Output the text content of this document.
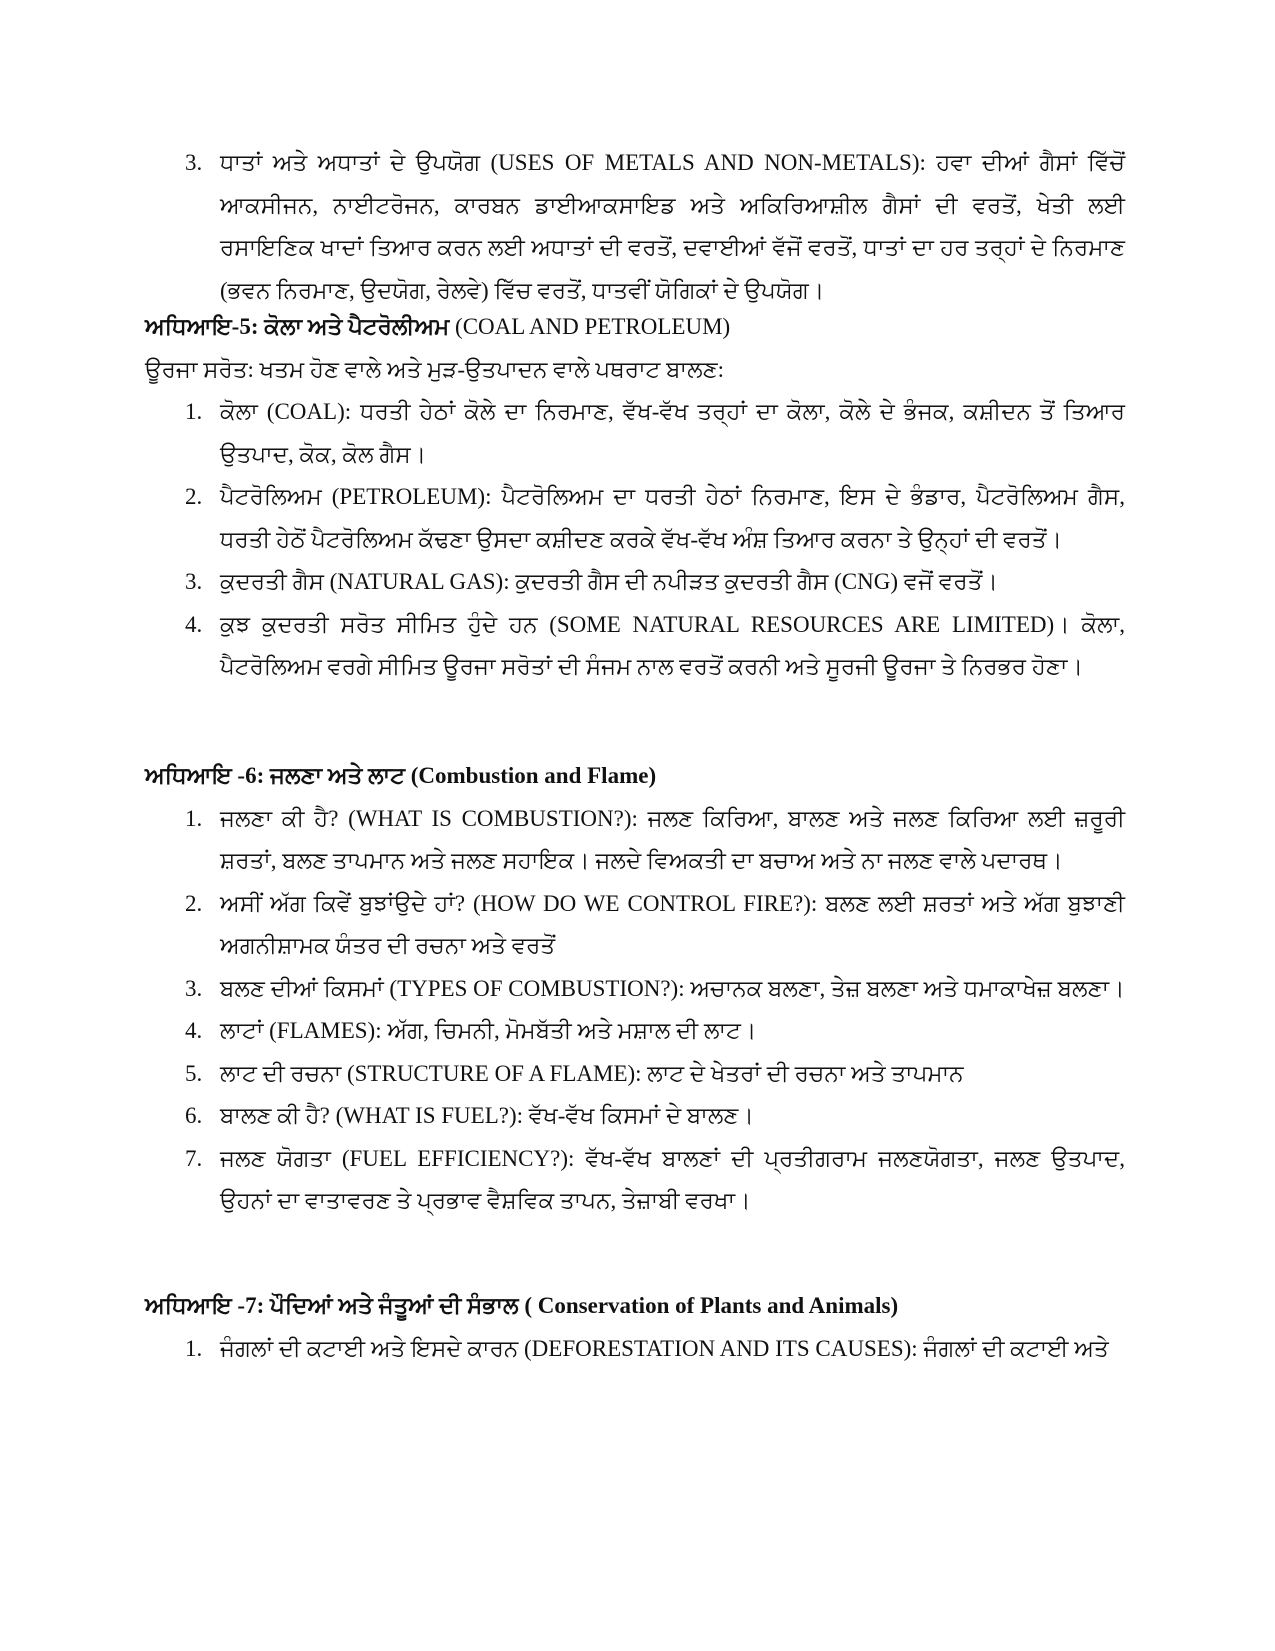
3. ਧਾਤਾਂ ਅਤੇ ਅਧਾਤਾਂ ਦੇ ਉਪਯੋਗ (USES OF METALS AND NON-METALS): ਹਵਾ ਦੀਆਂ ਗੈਸਾਂ ਵਿੱਚੋਂ ਆਕਸੀਜਨ, ਨਾਈਟਰੋਜਨ, ਕਾਰਬਨ ਡਾਈਆਕਸਾਇਡ ਅਤੇ ਅਕਿਰਿਆਸ਼ੀਲ ਗੈਸਾਂ ਦੀ ਵਰਤੋਂ, ਖੇਤੀ ਲਈ ਰਸਾਇਣਿਕ ਖਾਦਾਂ ਤਿਆਰ ਕਰਨ ਲਈ ਅਧਾਤਾਂ ਦੀ ਵਰਤੋਂ, ਦਵਾਈਆਂ ਵੱਜੋਂ ਵਰਤੋਂ, ਧਾਤਾਂ ਦਾ ਹਰ ਤਰ੍ਹਾਂ ਦੇ ਨਿਰਮਾਣ (ਭਵਨ ਨਿਰਮਾਣ, ਉਦਯੋਗ, ਰੇਲਵੇ) ਵਿੱਚ ਵਰਤੋਂ, ਧਾਤਵੀਂ ਯੋਗਿਕਾਂ ਦੇ ਉਪਯੋਗ।
ਅਧਿਆਇ-5: ਕੋਲਾ ਅਤੇ ਪੈਟਰੋਲੀਅਮ (COAL AND PETROLEUM)
ਊਰਜਾ ਸਰੋਤ: ਖਤਮ ਹੋਣ ਵਾਲੇ ਅਤੇ ਮੁੜ-ਉਤਪਾਦਨ ਵਾਲੇ ਪਥਰਾਟ ਬਾਲਣ:
1. ਕੋਲਾ (COAL): ਧਰਤੀ ਹੇਠਾਂ ਕੋਲੇ ਦਾ ਨਿਰਮਾਣ, ਵੱਖ-ਵੱਖ ਤਰ੍ਹਾਂ ਦਾ ਕੋਲਾ, ਕੋਲੇ ਦੇ ਭੰਜਕ, ਕਸ਼ੀਦਨ ਤੋਂ ਤਿਆਰ ਉਤਪਾਦ, ਕੋਕ, ਕੋਲ ਗੈਸ।
2. ਪੈਟਰੋਲਿਅਮ (PETROLEUM): ਪੈਟਰੋਲਿਅਮ ਦਾ ਧਰਤੀ ਹੇਠਾਂ ਨਿਰਮਾਣ, ਇਸ ਦੇ ਭੰਡਾਰ, ਪੈਟਰੋਲਿਅਮ ਗੈਸ, ਧਰਤੀ ਹੇਠੋਂ ਪੈਟਰੋਲਿਅਮ ਕੱਢਣਾ ਉਸਦਾ ਕਸ਼ੀਦਣ ਕਰਕੇ ਵੱਖ-ਵੱਖ ਅੰਸ਼ ਤਿਆਰ ਕਰਨਾ ਤੇ ਉਨ੍ਹਾਂ ਦੀ ਵਰਤੋਂ।
3. ਕੁਦਰਤੀ ਗੈਸ (NATURAL GAS): ਕੁਦਰਤੀ ਗੈਸ ਦੀ ਨਪੀੜਤ ਕੁਦਰਤੀ ਗੈਸ (CNG) ਵਜੋਂ ਵਰਤੋਂ।
4. ਕੁਝ ਕੁਦਰਤੀ ਸਰੋਤ ਸੀਮਿਤ ਹੁੰਦੇ ਹਨ (SOME NATURAL RESOURCES ARE LIMITED)। ਕੋਲਾ, ਪੈਟਰੋਲਿਅਮ ਵਰਗੇ ਸੀਮਿਤ ਊਰਜਾ ਸਰੋਤਾਂ ਦੀ ਸੰਜਮ ਨਾਲ ਵਰਤੋਂ ਕਰਨੀ ਅਤੇ ਸੂਰਜੀ ਊਰਜਾ ਤੇ ਨਿਰਭਰ ਹੋਣਾ।
ਅਧਿਆਇ -6: ਜਲਣਾ ਅਤੇ ਲਾਟ (Combustion and Flame)
1. ਜਲਣਾ ਕੀ ਹੈ? (WHAT IS COMBUSTION?): ਜਲਣ ਕਿਰਿਆ, ਬਾਲਣ ਅਤੇ ਜਲਣ ਕਿਰਿਆ ਲਈ ਜ਼ਰੂਰੀ ਸ਼ਰਤਾਂ, ਬਲਣ ਤਾਪਮਾਨ ਅਤੇ ਜਲਣ ਸਹਾਇਕ। ਜਲਦੇ ਵਿਅਕਤੀ ਦਾ ਬਚਾਅ ਅਤੇ ਨਾ ਜਲਣ ਵਾਲੇ ਪਦਾਰਥ।
2. ਅਸੀਂ ਅੱਗ ਕਿਵੇਂ ਬੁਝਾਂਉਦੇ ਹਾਂ? (HOW DO WE CONTROL FIRE?): ਬਲਣ ਲਈ ਸ਼ਰਤਾਂ ਅਤੇ ਅੱਗ ਬੁਝਾਣੀ ਅਗਨੀਸ਼ਾਮਕ ਯੰਤਰ ਦੀ ਰਚਨਾ ਅਤੇ ਵਰਤੋਂ
3. ਬਲਣ ਦੀਆਂ ਕਿਸਮਾਂ (TYPES OF COMBUSTION?): ਅਚਾਨਕ ਬਲਣਾ, ਤੇਜ਼ ਬਲਣਾ ਅਤੇ ਧਮਾਕਾਖੇਜ਼ ਬਲਣਾ।
4. ਲਾਟਾਂ (FLAMES): ਅੱਗ, ਚਿਮਨੀ, ਮੋਮਬੱਤੀ ਅਤੇ ਮਸ਼ਾਲ ਦੀ ਲਾਟ।
5. ਲਾਟ ਦੀ ਰਚਨਾ (STRUCTURE OF A FLAME): ਲਾਟ ਦੇ ਖੇਤਰਾਂ ਦੀ ਰਚਨਾ ਅਤੇ ਤਾਪਮਾਨ
6. ਬਾਲਣ ਕੀ ਹੈ? (WHAT IS FUEL?): ਵੱਖ-ਵੱਖ ਕਿਸਮਾਂ ਦੇ ਬਾਲਣ।
7. ਜਲਣ ਯੋਗਤਾ (FUEL EFFICIENCY?): ਵੱਖ-ਵੱਖ ਬਾਲਣਾਂ ਦੀ ਪ੍ਰਤੀਗਰਾਮ ਜਲਣਯੋਗਤਾ, ਜਲਣ ਉਤਪਾਦ, ਉਹਨਾਂ ਦਾ ਵਾਤਾਵਰਣ ਤੇ ਪ੍ਰਭਾਵ ਵੈਸ਼ਵਿਕ ਤਾਪਨ, ਤੇਜ਼ਾਬੀ ਵਰਖਾ।
ਅਧਿਆਇ -7: ਪੌਦਿਆਂ ਅਤੇ ਜੰਤੂਆਂ ਦੀ ਸੰਭਾਲ ( Conservation of Plants and Animals)
1. ਜੰਗਲਾਂ ਦੀ ਕਟਾਈ ਅਤੇ ਇਸਦੇ ਕਾਰਨ (DEFORESTATION AND ITS CAUSES): ਜੰਗਲਾਂ ਦੀ ਕਟਾਈ ਅਤੇ
